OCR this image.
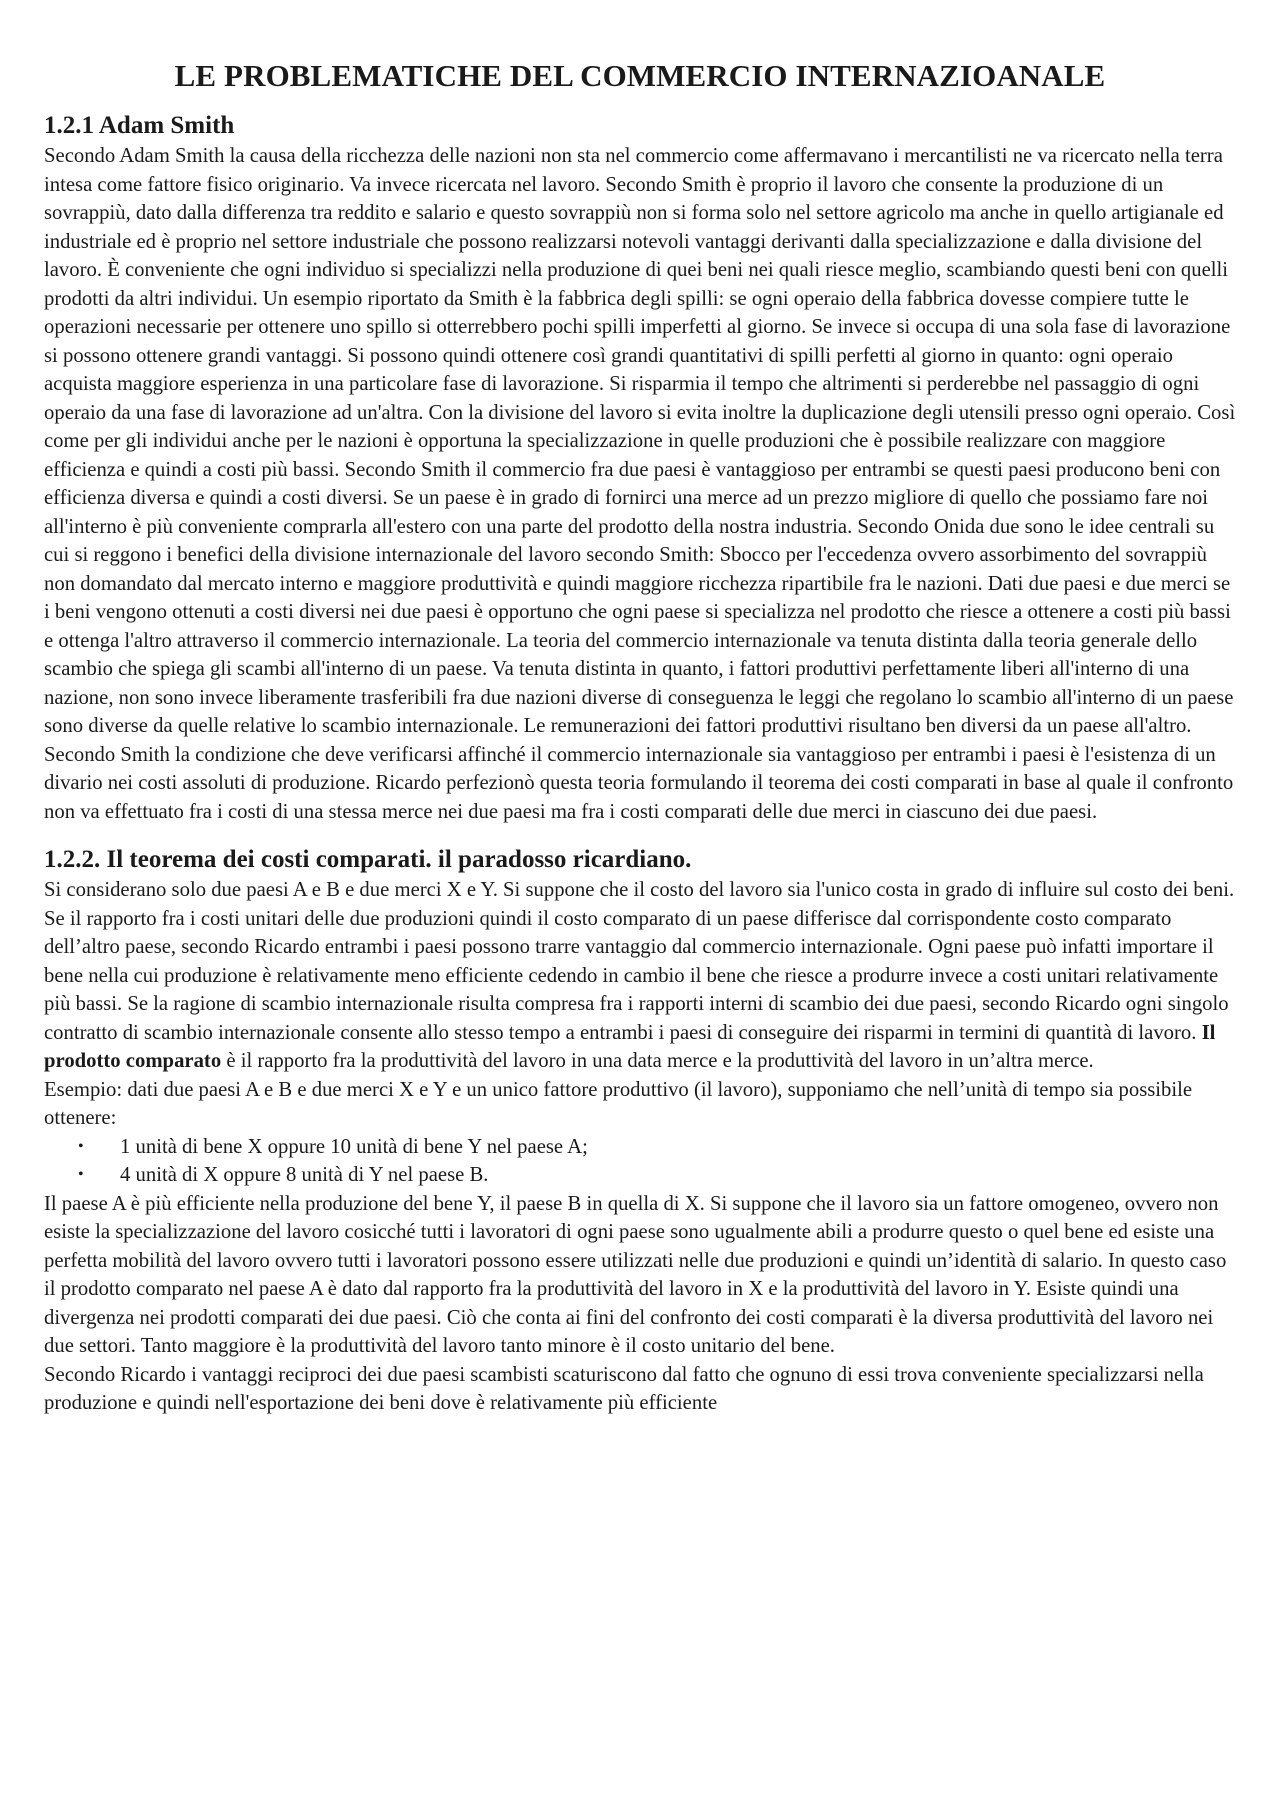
LE PROBLEMATICHE DEL COMMERCIO INTERNAZIOANALE
1.2.1 Adam Smith

Secondo Adam Smith la causa della ricchezza delle nazioni non sta nel commercio come affermavano i mercantilisti ne va ricercato nella terra intesa come fattore fisico originario. Va invece ricercata nel lavoro. Secondo Smith è proprio il lavoro che consente la produzione di un sovrappiù, dato dalla differenza tra reddito e salario e questo sovrappiù non si forma solo nel settore agricolo ma anche in quello artigianale ed industriale ed è proprio nel settore industriale che possono realizzarsi notevoli vantaggi derivanti dalla specializzazione e dalla divisione del lavoro. È conveniente che ogni individuo si specializzi nella produzione di quei beni nei quali riesce meglio, scambiando questi beni con quelli prodotti da altri individui. Un esempio riportato da Smith è la fabbrica degli spilli: se ogni operaio della fabbrica dovesse compiere tutte le operazioni necessarie per ottenere uno spillo si otterrebbero pochi spilli imperfetti al giorno. Se invece si occupa di una sola fase di lavorazione si possono ottenere grandi vantaggi. Si possono quindi ottenere così grandi quantitativi di spilli perfetti al giorno in quanto: ogni operaio acquista maggiore esperienza in una particolare fase di lavorazione. Si risparmia il tempo che altrimenti si perderebbe nel passaggio di ogni operaio da una fase di lavorazione ad un'altra. Con la divisione del lavoro si evita inoltre la duplicazione degli utensili presso ogni operaio. Così come per gli individui anche per le nazioni è opportuna la specializzazione in quelle produzioni che è possibile realizzare con maggiore efficienza e quindi a costi più bassi. Secondo Smith il commercio fra due paesi è vantaggioso per entrambi se questi paesi producono beni con efficienza diversa e quindi a costi diversi. Se un paese è in grado di fornirci una merce ad un prezzo migliore di quello che possiamo fare noi all'interno è più conveniente comprarla all'estero con una parte del prodotto della nostra industria. Secondo Onida due sono le idee centrali su cui si reggono i benefici della divisione internazionale del lavoro secondo Smith: Sbocco per l'eccedenza ovvero assorbimento del sovrappiù non domandato dal mercato interno e maggiore produttività e quindi maggiore ricchezza ripartibile fra le nazioni. Dati due paesi e due merci se i beni vengono ottenuti a costi diversi nei due paesi è opportuno che ogni paese si specializza nel prodotto che riesce a ottenere a costi più bassi e ottenga l'altro attraverso il commercio internazionale. La teoria del commercio internazionale va tenuta distinta dalla teoria generale dello scambio che spiega gli scambi all'interno di un paese. Va tenuta distinta in quanto, i fattori produttivi perfettamente liberi all'interno di una nazione, non sono invece liberamente trasferibili fra due nazioni diverse di conseguenza le leggi che regolano lo scambio all'interno di un paese sono diverse da quelle relative lo scambio internazionale. Le remunerazioni dei fattori produttivi risultano ben diversi da un paese all'altro. Secondo Smith la condizione che deve verificarsi affinché il commercio internazionale sia vantaggioso per entrambi i paesi è l'esistenza di un divario nei costi assoluti di produzione. Ricardo perfezionò questa teoria formulando il teorema dei costi comparati in base al quale il confronto non va effettuato fra i costi di una stessa merce nei due paesi ma fra i costi comparati delle due merci in ciascuno dei due paesi.

1.2.2. Il teorema dei costi comparati. il paradosso ricardiano.

Si considerano solo due paesi A e B e due merci X e Y. Si suppone che il costo del lavoro sia l'unico costa in grado di influire sul costo dei beni. Se il rapporto fra i costi unitari delle due produzioni quindi il costo comparato di un paese differisce dal corrispondente costo comparato dell’altro paese, secondo Ricardo entrambi i paesi possono trarre vantaggio dal commercio internazionale. Ogni paese può infatti importare il bene nella cui produzione è relativamente meno efficiente cedendo in cambio il bene che riesce a produrre invece a costi unitari relativamente più bassi. Se la ragione di scambio internazionale risulta compresa fra i rapporti interni di scambio dei due paesi, secondo Ricardo ogni singolo contratto di scambio internazionale consente allo stesso tempo a entrambi i paesi di conseguire dei risparmi in termini di quantità di lavoro. Il prodotto comparato è il rapporto fra la produttività del lavoro in una data merce e la produttività del lavoro in un’altra merce.

Esempio: dati due paesi A e B e due merci X e Y e un unico fattore produttivo (il lavoro), supponiamo che nell’unità di tempo sia possibile ottenere:

• 1 unità di bene X oppure 10 unità di bene Y nel paese A;
• 4 unità di X oppure 8 unità di Y nel paese B.

Il paese A è più efficiente nella produzione del bene Y, il paese B in quella di X. Si suppone che il lavoro sia un fattore omogeneo, ovvero non esiste la specializzazione del lavoro cosicché tutti i lavoratori di ogni paese sono ugualmente abili a produrre questo o quel bene ed esiste una perfetta mobilità del lavoro ovvero tutti i lavoratori possono essere utilizzati nelle due produzioni e quindi un’identità di salario. In questo caso il prodotto comparato nel paese A è dato dal rapporto fra la produttività del lavoro in X e la produttività del lavoro in Y. Esiste quindi una divergenza nei prodotti comparati dei due paesi. Ciò che conta ai fini del confronto dei costi comparati è la diversa produttività del lavoro nei due settori. Tanto maggiore è la produttività del lavoro tanto minore è il costo unitario del bene.

Secondo Ricardo i vantaggi reciproci dei due paesi scambisti scaturiscono dal fatto che ognuno di essi trova conveniente specializzarsi nella produzione e quindi nell'esportazione dei beni dove è relativamente più efficiente
